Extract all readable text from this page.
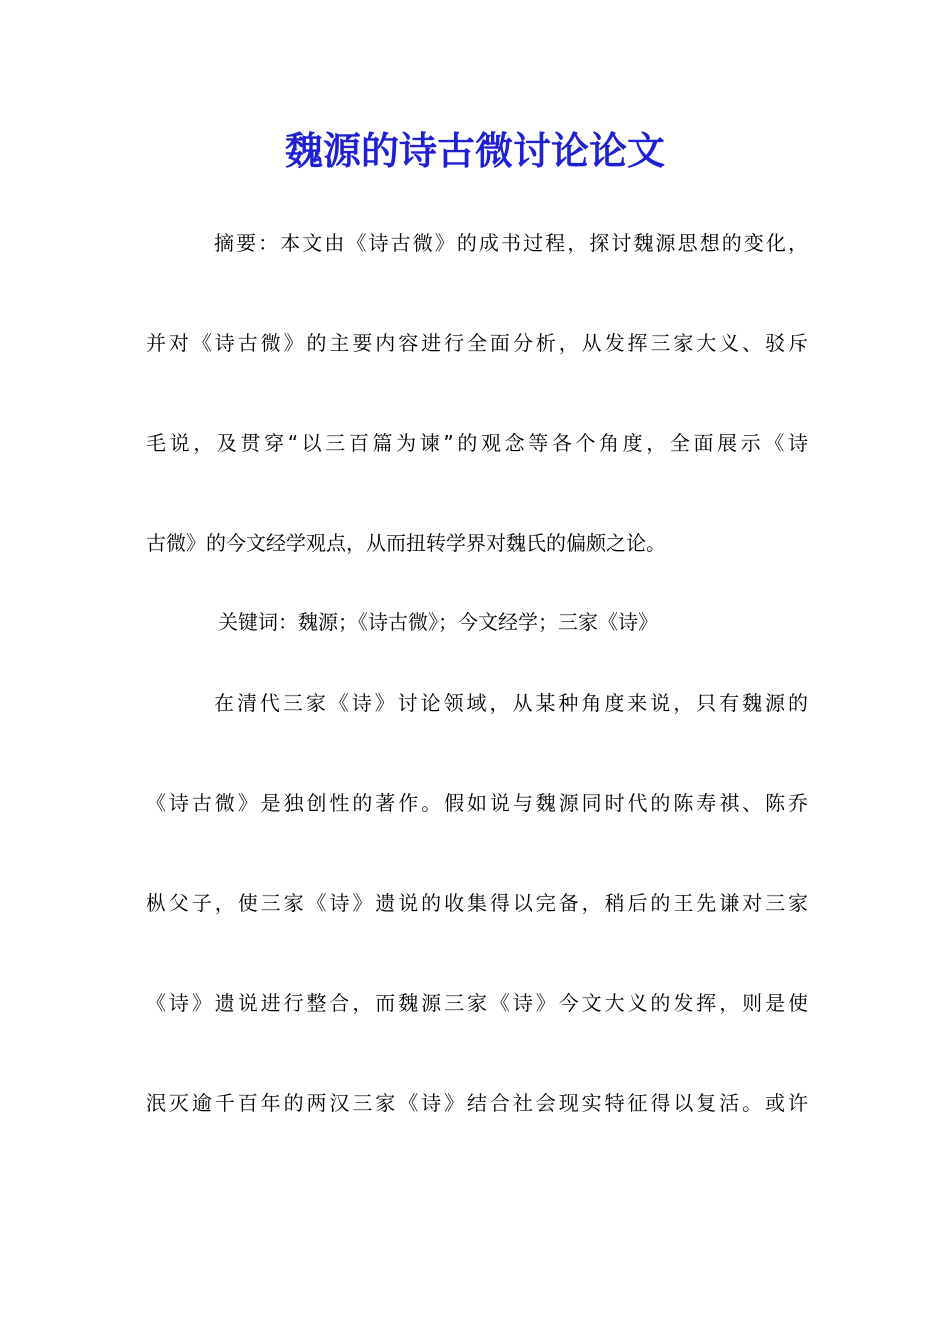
魏源的诗古微讨论论文

摘要：本文由《诗古微》的成书过程，探讨魏源思想的变化，

并对《诗古微》的主要内容进行全面分析，从发挥三家大义、驳斥

毛说，及贯穿“以三百篇为谏”的观念等各个角度，全面展示《诗

古微》的今文经学观点，从而扭转学界对魏氏的偏颇之论。

关键词：魏源；《诗古微》；今文经学；三家《诗》

在清代三家《诗》讨论领域，从某种角度来说，只有魏源的

《诗古微》是独创性的著作。假如说与魏源同时代的陈寿祺、陈乔

枞父子，使三家《诗》遗说的收集得以完备，稍后的王先谦对三家

《诗》遗说进行整合，而魏源三家《诗》今文大义的发挥，则是使

泯灭逾千百年的两汉三家《诗》结合社会现实特征得以复活。或许
